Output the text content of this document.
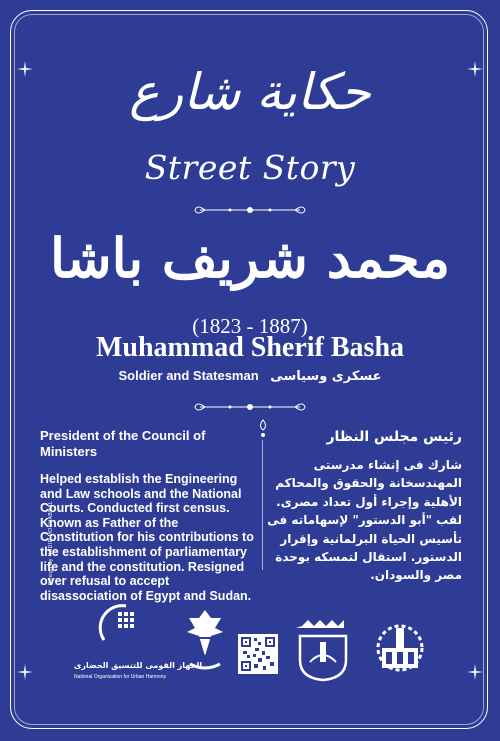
حكاية شارع
Street Story
محمد شريف باشا
(1823 - 1887)
Muhammad Sherif Basha
Soldier and Statesman عسكرى وسياسى
President of the Council of Ministers

Helped establish the Engineering and Law schools and the National Courts. Conducted first census. Known as Father of the Constitution for his contributions to the establishment of parliamentary life and the constitution. Resigned over refusal to accept disassociation of Egypt and Sudan.

رئيس مجلس النظار

شارك فى إنشاء مدرستى المهندسخانة والحقوق والمحاكم الأهلية وإجراء أول تعداد مصرى. لقب "أبو الدستور" لإسهاماته فى تأسيس الحياة البرلمانية وإقرار الدستور. استقال لتمسكه بوحدة مصر والسودان.

Design by NADIR MOSHABBAL
الجهاز القومى للتنسيق الحضارى
National Organization for Urban Harmony
